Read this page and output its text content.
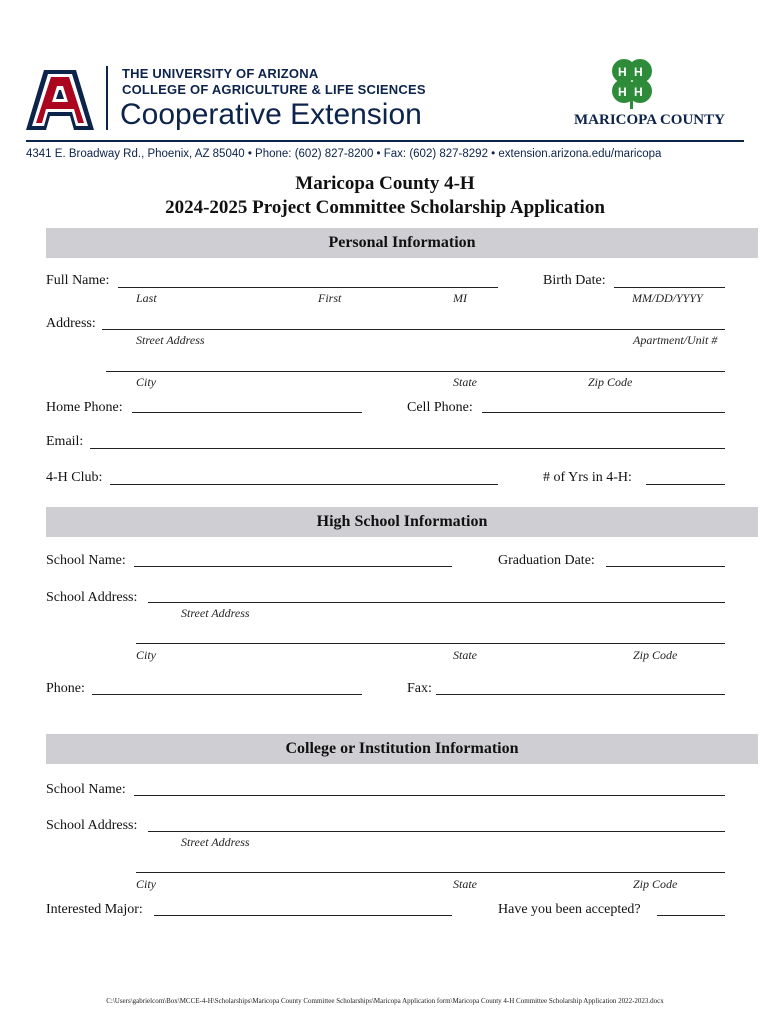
THE UNIVERSITY OF ARIZONA
COLLEGE OF AGRICULTURE & LIFE SCIENCES
Cooperative Extension
H H
H H
MARICOPA COUNTY
4341 E. Broadway Rd., Phoenix, AZ 85040 • Phone: (602) 827-8200 • Fax: (602) 827-8292 • extension.arizona.edu/maricopa
Maricopa County 4-H
2024-2025 Project Committee Scholarship Application
Personal Information
Full Name:	Birth Date:
Last	First	MI	MM/DD/YYYY
Address:
Street Address	Apartment/Unit #
City	State	Zip Code
Home Phone:	Cell Phone:
Email:
4-H Club:	# of Yrs in 4-H:
High School Information
School Name:	Graduation Date:
School Address:
Street Address
City	State	Zip Code
Phone:	Fax:
College or Institution Information
School Name:
School Address:
Street Address
City	State	Zip Code
Interested Major:	Have you been accepted?
C:\Users\gabrielcom\Box\MCCE-4-H\Scholarships\Maricopa County Committee Scholarships\Maricopa Application form\Maricopa County 4-H Committee Scholarship Application 2022-2023.docx
